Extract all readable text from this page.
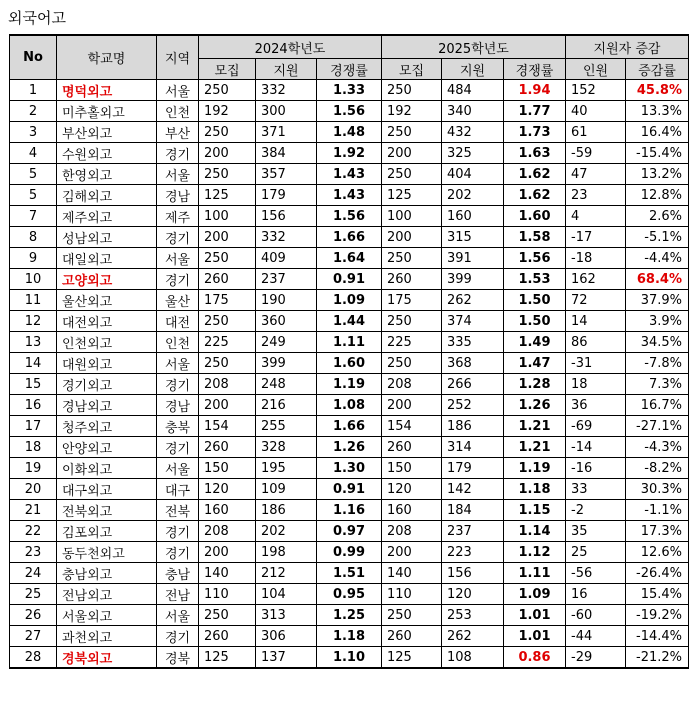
외국어고
No	학교명	지역	2024학년도			2025학년도			지원자 증감	
			모집	지원	경쟁률	모집	지원	경쟁률	인원	증감률
1	명덕외고	서울	250	332	1.33	250	484	1.94	152	45.8%
2	미추홀외고	인천	192	300	1.56	192	340	1.77	40	13.3%
3	부산외고	부산	250	371	1.48	250	432	1.73	61	16.4%
4	수원외고	경기	200	384	1.92	200	325	1.63	-59	-15.4%
5	한영외고	서울	250	357	1.43	250	404	1.62	47	13.2%
5	김해외고	경남	125	179	1.43	125	202	1.62	23	12.8%
7	제주외고	제주	100	156	1.56	100	160	1.60	4	2.6%
8	성남외고	경기	200	332	1.66	200	315	1.58	-17	-5.1%
9	대일외고	서울	250	409	1.64	250	391	1.56	-18	-4.4%
10	고양외고	경기	260	237	0.91	260	399	1.53	162	68.4%
11	울산외고	울산	175	190	1.09	175	262	1.50	72	37.9%
12	대전외고	대전	250	360	1.44	250	374	1.50	14	3.9%
13	인천외고	인천	225	249	1.11	225	335	1.49	86	34.5%
14	대원외고	서울	250	399	1.60	250	368	1.47	-31	-7.8%
15	경기외고	경기	208	248	1.19	208	266	1.28	18	7.3%
16	경남외고	경남	200	216	1.08	200	252	1.26	36	16.7%
17	청주외고	충북	154	255	1.66	154	186	1.21	-69	-27.1%
18	안양외고	경기	260	328	1.26	260	314	1.21	-14	-4.3%
19	이화외고	서울	150	195	1.30	150	179	1.19	-16	-8.2%
20	대구외고	대구	120	109	0.91	120	142	1.18	33	30.3%
21	전북외고	전북	160	186	1.16	160	184	1.15	-2	-1.1%
22	김포외고	경기	208	202	0.97	208	237	1.14	35	17.3%
23	동두천외고	경기	200	198	0.99	200	223	1.12	25	12.6%
24	충남외고	충남	140	212	1.51	140	156	1.11	-56	-26.4%
25	전남외고	전남	110	104	0.95	110	120	1.09	16	15.4%
26	서울외고	서울	250	313	1.25	250	253	1.01	-60	-19.2%
27	과천외고	경기	260	306	1.18	260	262	1.01	-44	-14.4%
28	경북외고	경북	125	137	1.10	125	108	0.86	-29	-21.2%
